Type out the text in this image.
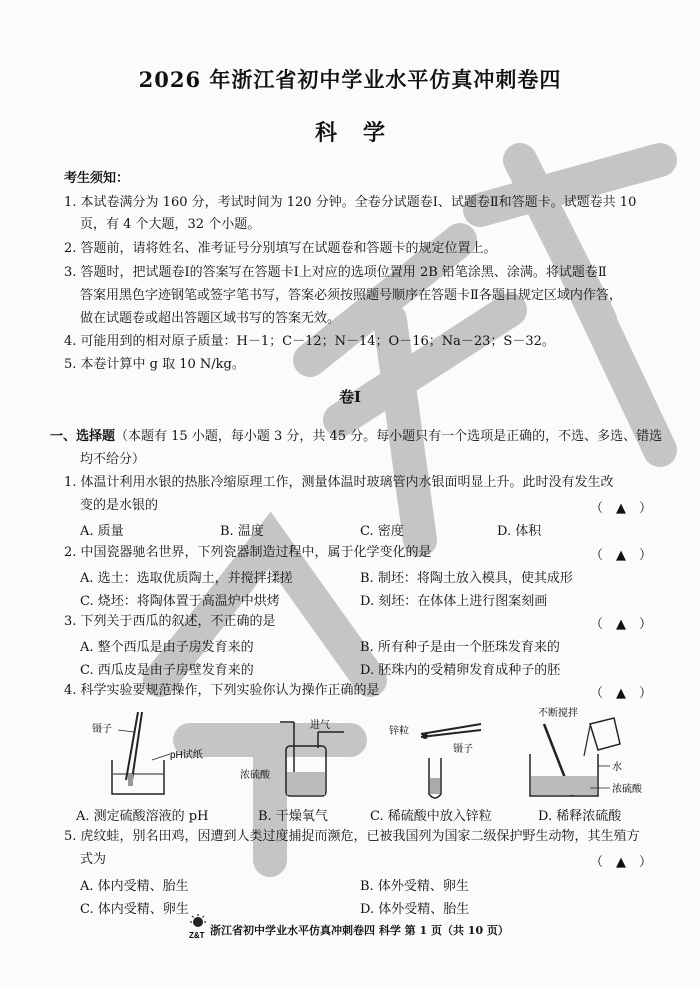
2026 年浙江省初中学业水平仿真冲刺卷四
科学
考生须知：
1. 本试卷满分为 160 分，考试时间为 120 分钟。全卷分试题卷Ⅰ、试题卷Ⅱ和答题卡。试题卷共 10
页，有 4 个大题，32 个小题。
2. 答题前，请将姓名、准考证号分别填写在试题卷和答题卡的规定位置上。
3. 答题时，把试题卷Ⅰ的答案写在答题卡Ⅰ上对应的选项位置用 2B 铅笔涂黑、涂满。将试题卷Ⅱ
答案用黑色字迹钢笔或签字笔书写，答案必须按照题号顺序在答题卡Ⅱ各题目规定区域内作答，
做在试题卷或超出答题区域书写的答案无效。
4. 可能用到的相对原子质量：H－1；C－12；N－14；O－16；Na－23；S－32。
5. 本卷计算中 g 取 10 N/kg。
卷Ⅰ
一、选择题（本题有 15 小题，每小题 3 分，共 45 分。每小题只有一个选项是正确的，不选、多选、错选
均不给分）
1. 体温计利用水银的热胀冷缩原理工作，测量体温时玻璃管内水银面明显上升。此时没有发生改
变的是水银的	（　▲　）
A. 质量	B. 温度	C. 密度	D. 体积
2. 中国瓷器驰名世界，下列瓷器制造过程中，属于化学变化的是	（　▲　）
A. 选土：选取优质陶土，并搅拌揉搓	B. 制坯：将陶土放入模具，使其成形
C. 烧坯：将陶体置于高温炉中烘烤	D. 刻坯：在体体上进行图案刻画
3. 下列关于西瓜的叙述，不正确的是	（　▲　）
A. 整个西瓜是由子房发育来的	B. 所有种子是由一个胚珠发育来的
C. 西瓜皮是由子房壁发育来的	D. 胚珠内的受精卵发育成种子的胚
4. 科学实验要规范操作，下列实验你认为操作正确的是	（　▲　）
镊子
pH试纸
进气
浓硫酸
锌粒
镊子
不断搅拌
水
浓硫酸
A. 测定硫酸溶液的 pH	B. 干燥氧气	C. 稀硫酸中放入锌粒	D. 稀释浓硫酸
5. 虎纹蛙，别名田鸡，因遭到人类过度捕捉而濒危，已被我国列为国家二级保护野生动物，其生殖方
式为	（　▲　）
A. 体内受精、胎生	B. 体外受精、卵生
C. 体内受精、卵生	D. 体外受精、胎生
Z&T 浙江省初中学业水平仿真冲刺卷四 科学 第 1 页（共 10 页）
